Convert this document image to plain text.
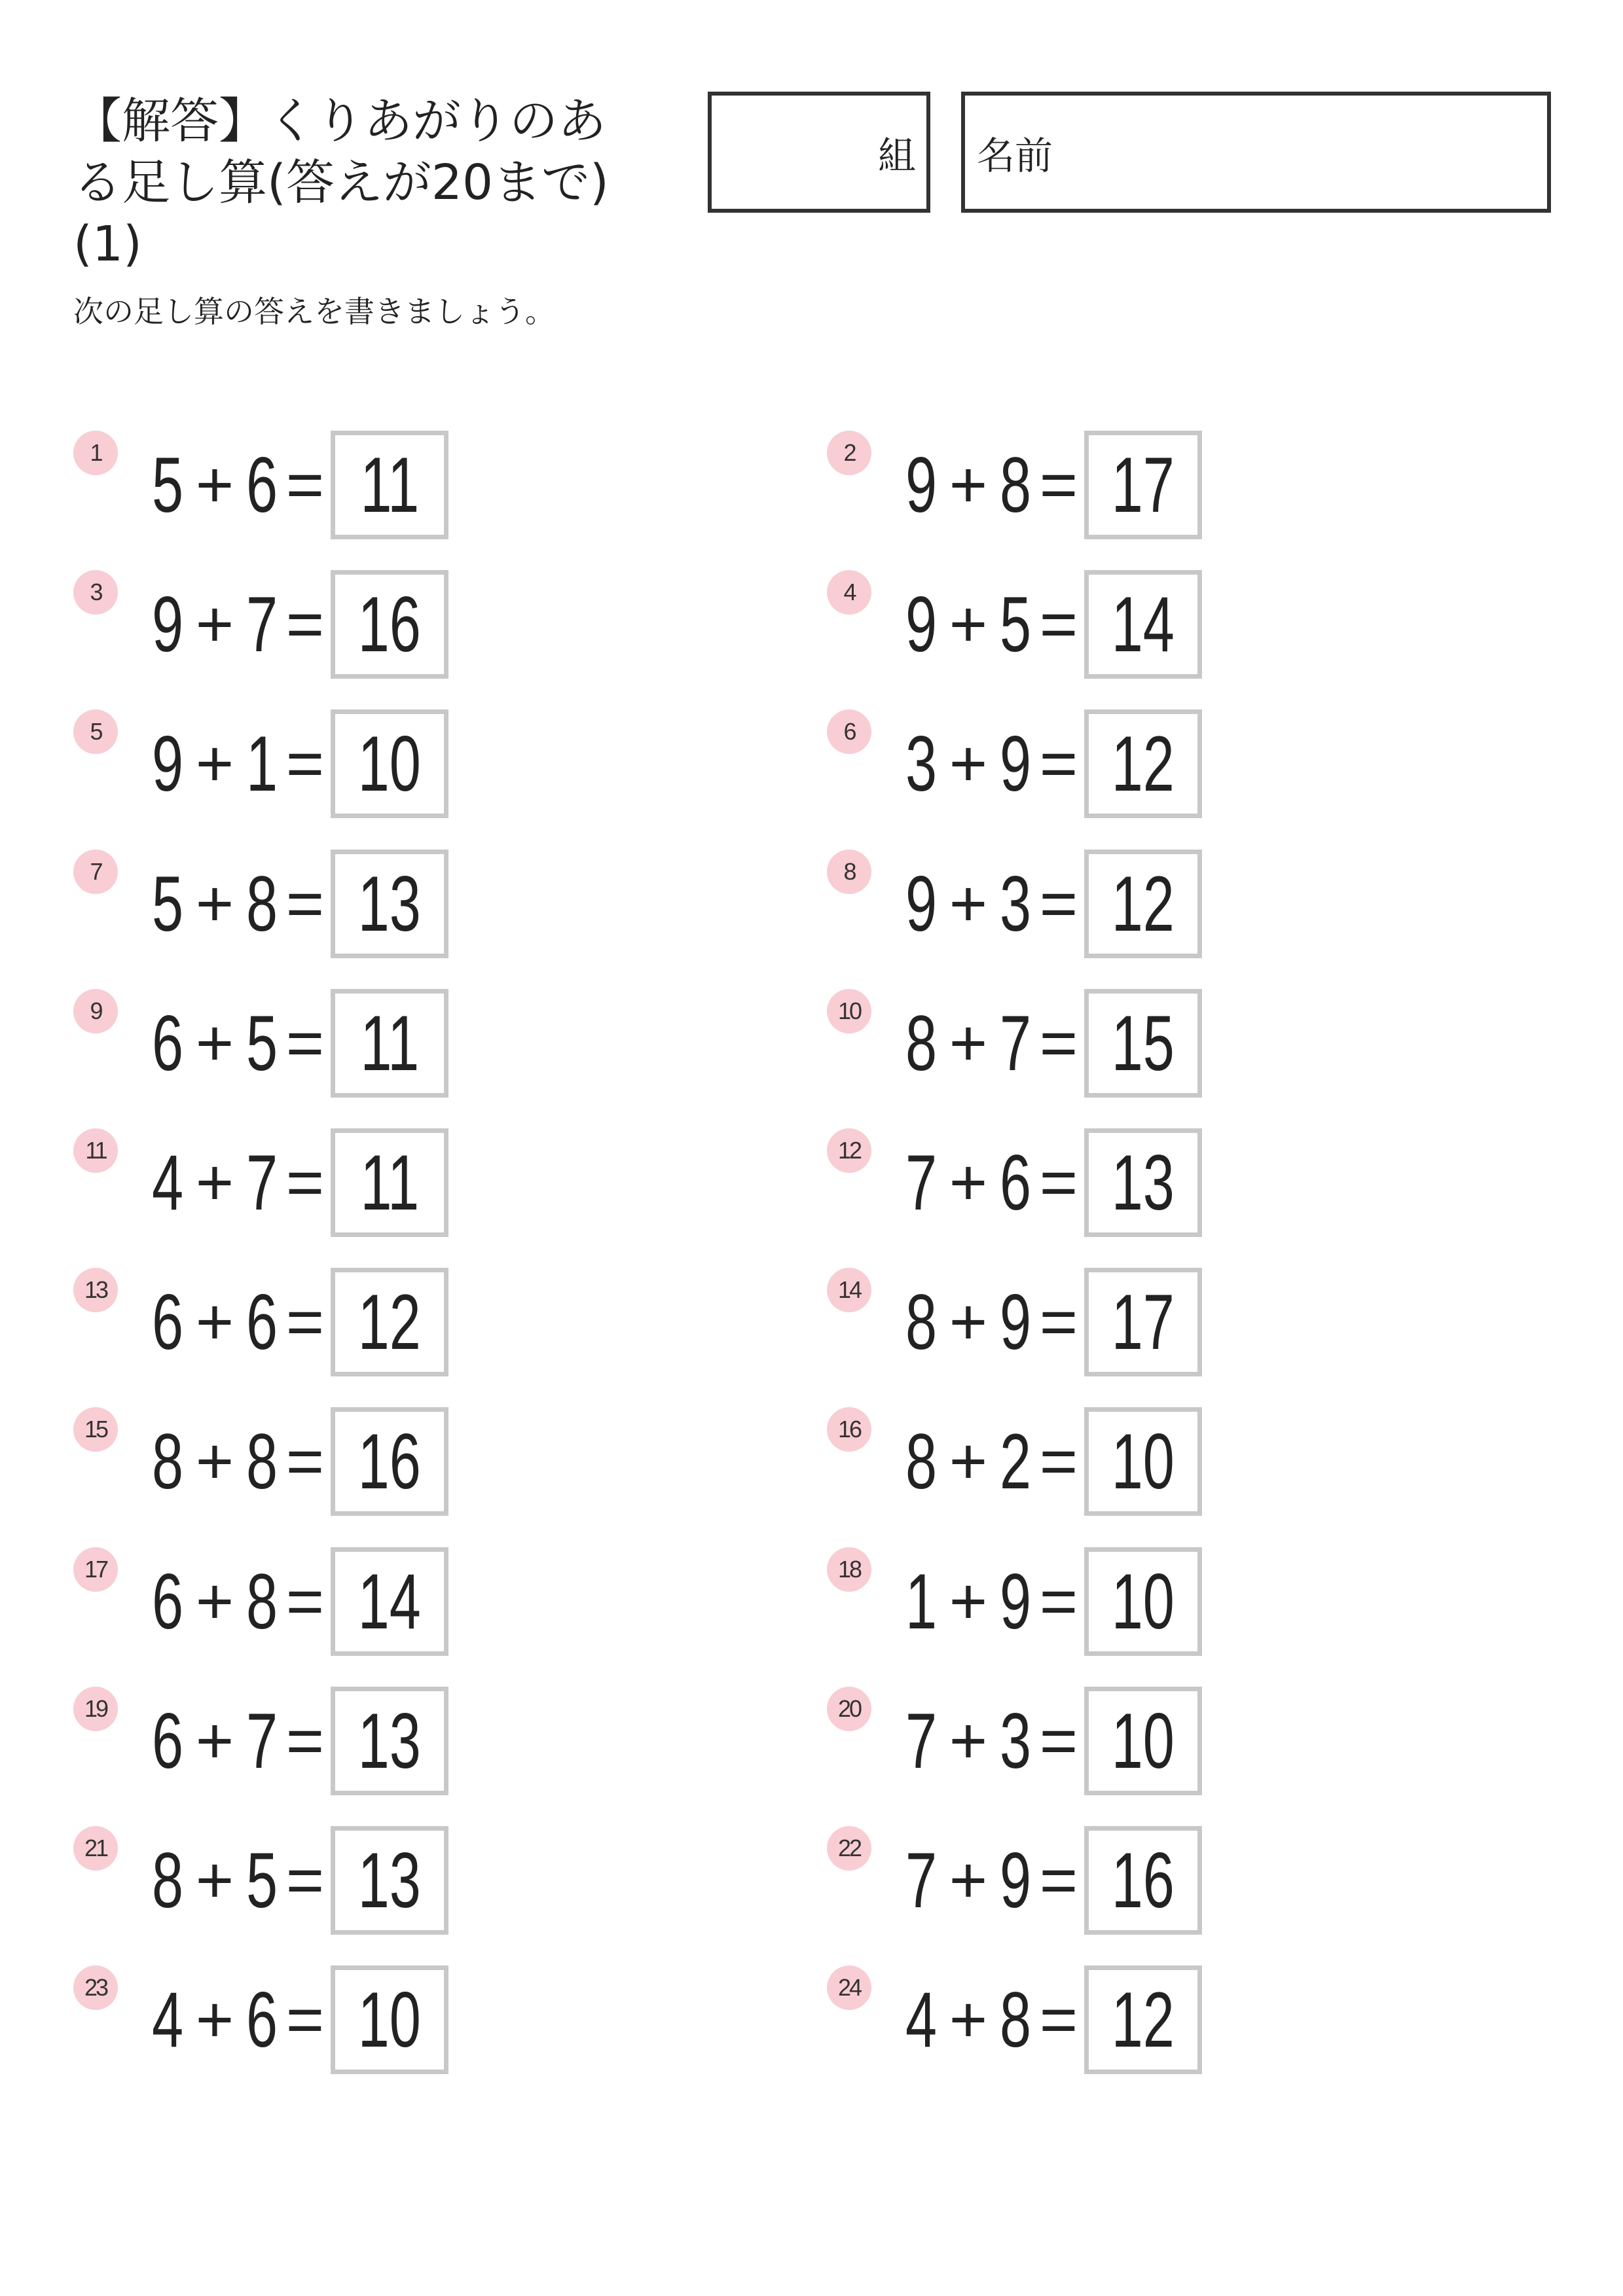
【解答】くりあがりのあ
る足し算(答えが20まで)
(1)
組 名前
次の足し算の答えを書きましょう。
1 5 + 6 = 11	2 9 + 8 = 17
3 9 + 7 = 16	4 9 + 5 = 14
5 9 + 1 = 10	6 3 + 9 = 12
7 5 + 8 = 13	8 9 + 3 = 12
9 6 + 5 = 11	10 8 + 7 = 15
11 4 + 7 = 11	12 7 + 6 = 13
13 6 + 6 = 12	14 8 + 9 = 17
15 8 + 8 = 16	16 8 + 2 = 10
17 6 + 8 = 14	18 1 + 9 = 10
19 6 + 7 = 13	20 7 + 3 = 10
21 8 + 5 = 13	22 7 + 9 = 16
23 4 + 6 = 10	24 4 + 8 = 12
